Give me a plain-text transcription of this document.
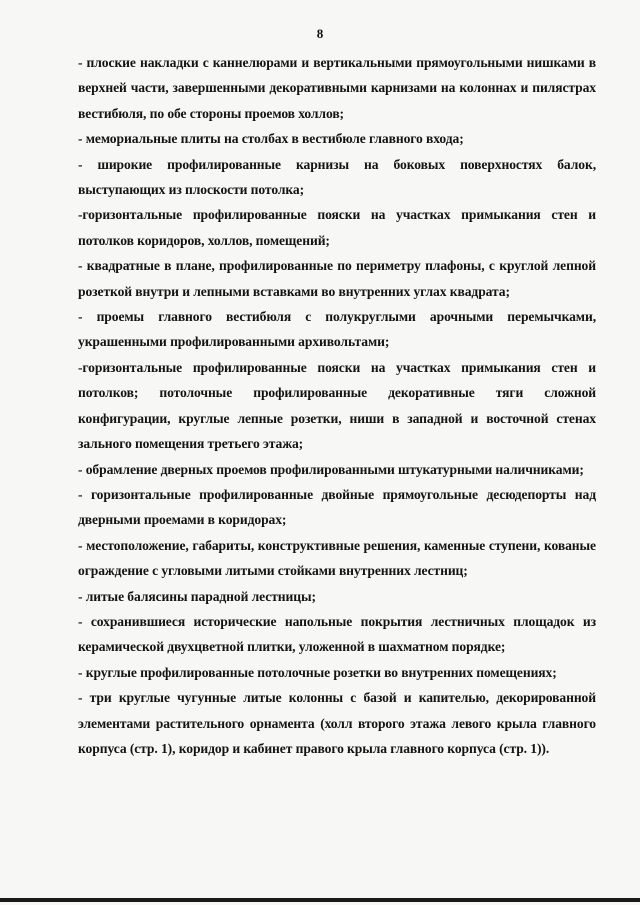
8

- плоские накладки с каннелюрами и вертикальными прямоугольными нишками в верхней части, завершенными декоративными карнизами на колоннах и пилястрах вестибюля, по обе стороны проемов холлов;

- мемориальные плиты на столбах в вестибюле главного входа;

- широкие профилированные карнизы на боковых поверхностях балок, выступающих из плоскости потолка;

-горизонтальные профилированные пояски на участках примыкания стен и потолков коридоров, холлов, помещений;

- квадратные в плане, профилированные по периметру плафоны, с круглой лепной розеткой внутри и лепными вставками во внутренних углах квадрата;

- проемы главного вестибюля с полукруглыми арочными перемычками, украшенными профилированными архивольтами;

-горизонтальные профилированные пояски на участках примыкания стен и потолков; потолочные профилированные декоративные тяги сложной конфигурации, круглые лепные розетки, ниши в западной и восточной стенах зального помещения третьего этажа;

- обрамление дверных проемов профилированными штукатурными наличниками;

- горизонтальные профилированные двойные прямоугольные десюдепорты над дверными проемами в коридорах;

- местоположение, габариты, конструктивные решения, каменные ступени, кованые ограждение с угловыми литыми стойками внутренних лестниц;

- литые балясины парадной лестницы;

- сохранившиеся исторические напольные покрытия лестничных площадок из керамической двухцветной плитки, уложенной в шахматном порядке;

- круглые профилированные потолочные розетки во внутренних помещениях;

- три круглые чугунные литые колонны с базой и капителью, декорированной элементами растительного орнамента (холл второго этажа левого крыла главного корпуса (стр. 1), коридор и кабинет правого крыла главного корпуса (стр. 1)).
